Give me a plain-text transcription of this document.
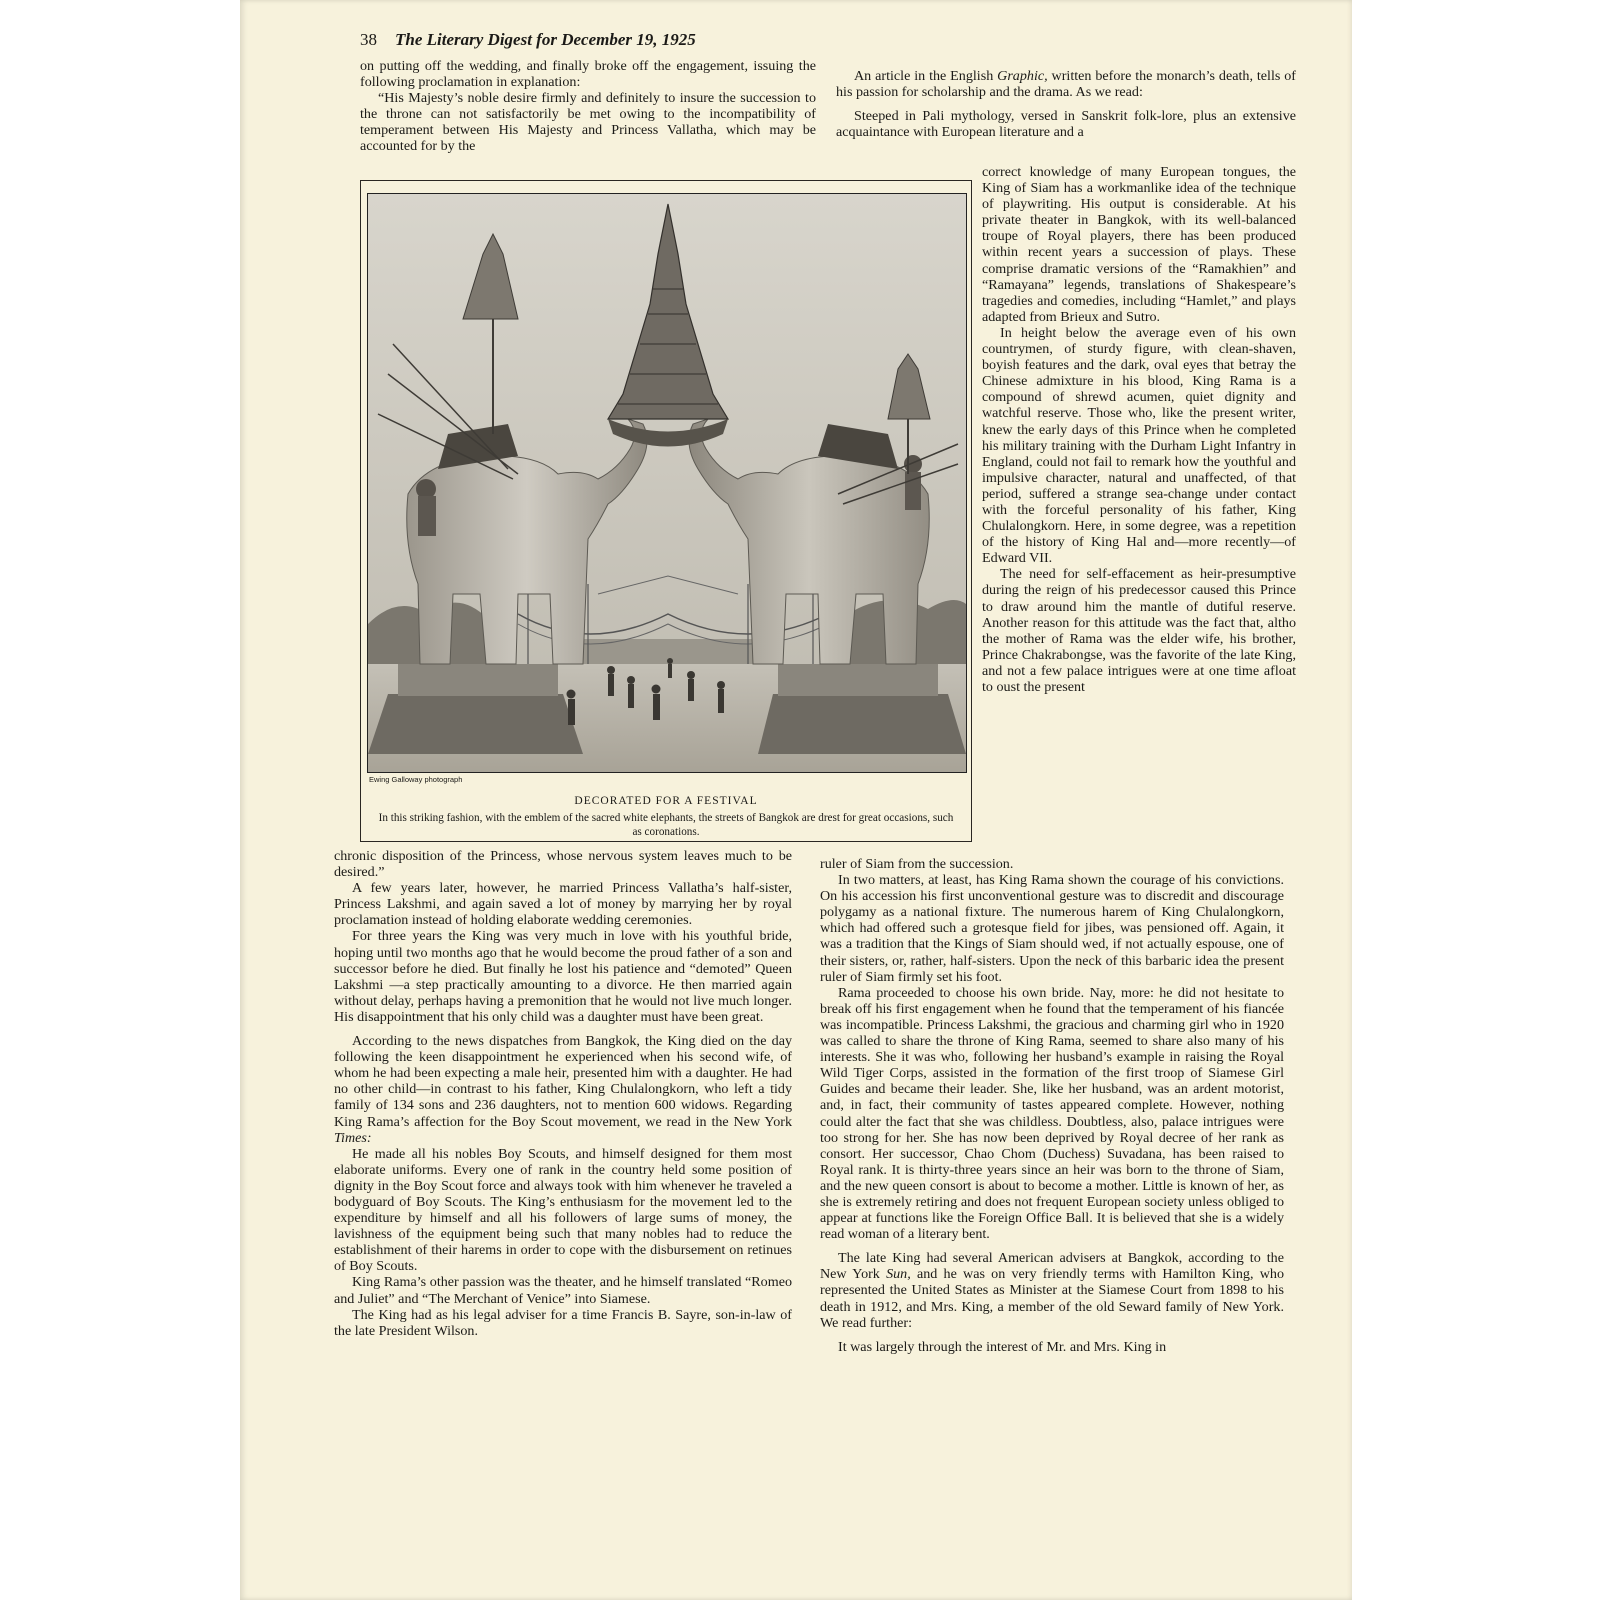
38 The Literary Digest for December 19, 1925

on putting off the wedding, and finally broke off the engagement, issuing the following proclamation in explanation:

“His Majesty’s noble desire firmly and definitely to insure the succession to the throne can not satisfactorily be met owing to the incompatibility of temperament between His Majesty and Princess Vallatha, which may be accounted for by the

Ewing Galloway photograph
DECORATED FOR A FESTIVAL
In this striking fashion, with the emblem of the sacred white elephants, the streets of Bangkok are drest for great occasions, such as coronations.

chronic disposition of the Princess, whose nervous system leaves much to be desired.”

A few years later, however, he married Princess Vallatha’s half-sister, Princess Lakshmi, and again saved a lot of money by marrying her by royal proclamation instead of holding elaborate wedding ceremonies.

For three years the King was very much in love with his youthful bride, hoping until two months ago that he would become the proud father of a son and successor before he died. But finally he lost his patience and “demoted” Queen Lakshmi —a step practically amounting to a divorce. He then married again without delay, perhaps having a premonition that he would not live much longer. His disappointment that his only child was a daughter must have been great.

According to the news dispatches from Bangkok, the King died on the day following the keen disappointment he experienced when his second wife, of whom he had been expecting a male heir, presented him with a daughter. He had no other child—in contrast to his father, King Chulalongkorn, who left a tidy family of 134 sons and 236 daughters, not to mention 600 widows. Regarding King Rama’s affection for the Boy Scout movement, we read in the New York Times:

He made all his nobles Boy Scouts, and himself designed for them most elaborate uniforms. Every one of rank in the country held some position of dignity in the Boy Scout force and always took with him whenever he traveled a bodyguard of Boy Scouts. The King’s enthusiasm for the movement led to the expenditure by himself and all his followers of large sums of money, the lavishness of the equipment being such that many nobles had to reduce the establishment of their harems in order to cope with the disbursement on retinues of Boy Scouts.

King Rama’s other passion was the theater, and he himself translated “Romeo and Juliet” and “The Merchant of Venice” into Siamese.

The King had as his legal adviser for a time Francis B. Sayre, son-in-law of the late President Wilson.

An article in the English Graphic, written before the monarch’s death, tells of his passion for scholarship and the drama. As we read:

Steeped in Pali mythology, versed in Sanskrit folk-lore, plus an extensive acquaintance with European literature and a

correct knowledge of many European tongues, the King of Siam has a workmanlike idea of the technique of playwriting. His output is considerable. At his private theater in Bangkok, with its well-balanced troupe of Royal players, there has been produced within recent years a succession of plays. These comprise dramatic versions of the “Ramakhien” and “Ramayana” legends, translations of Shakespeare’s tragedies and comedies, including “Hamlet,” and plays adapted from Brieux and Sutro.

In height below the average even of his own countrymen, of sturdy figure, with clean-shaven, boyish features and the dark, oval eyes that betray the Chinese admixture in his blood, King Rama is a compound of shrewd acumen, quiet dignity and watchful reserve. Those who, like the present writer, knew the early days of this Prince when he completed his military training with the Durham Light Infantry in England, could not fail to remark how the youthful and impulsive character, natural and unaffected, of that period, suffered a strange sea-change under contact with the forceful personality of his father, King Chulalongkorn. Here, in some degree, was a repetition of the history of King Hal and—more recently—of Edward VII.

The need for self-effacement as heir-presumptive during the reign of his predecessor caused this Prince to draw around him the mantle of dutiful reserve. Another reason for this attitude was the fact that, altho the mother of Rama was the elder wife, his brother, Prince Chakrabongse, was the favorite of the late King, and not a few palace intrigues were at one time afloat to oust the present

ruler of Siam from the succession.

In two matters, at least, has King Rama shown the courage of his convictions. On his accession his first unconventional gesture was to discredit and discourage polygamy as a national fixture. The numerous harem of King Chulalongkorn, which had offered such a grotesque field for jibes, was pensioned off. Again, it was a tradition that the Kings of Siam should wed, if not actually espouse, one of their sisters, or, rather, half-sisters. Upon the neck of this barbaric idea the present ruler of Siam firmly set his foot.

Rama proceeded to choose his own bride. Nay, more: he did not hesitate to break off his first engagement when he found that the temperament of his fiancée was incompatible. Princess Lakshmi, the gracious and charming girl who in 1920 was called to share the throne of King Rama, seemed to share also many of his interests. She it was who, following her husband’s example in raising the Royal Wild Tiger Corps, assisted in the formation of the first troop of Siamese Girl Guides and became their leader. She, like her husband, was an ardent motorist, and, in fact, their community of tastes appeared complete. However, nothing could alter the fact that she was childless. Doubtless, also, palace intrigues were too strong for her. She has now been deprived by Royal decree of her rank as consort. Her successor, Chao Chom (Duchess) Suvadana, has been raised to Royal rank. It is thirty-three years since an heir was born to the throne of Siam, and the new queen consort is about to become a mother. Little is known of her, as she is extremely retiring and does not frequent European society unless obliged to appear at functions like the Foreign Office Ball. It is believed that she is a widely read woman of a literary bent.

The late King had several American advisers at Bangkok, according to the New York Sun, and he was on very friendly terms with Hamilton King, who represented the United States as Minister at the Siamese Court from 1898 to his death in 1912, and Mrs. King, a member of the old Seward family of New York. We read further:

It was largely through the interest of Mr. and Mrs. King in
